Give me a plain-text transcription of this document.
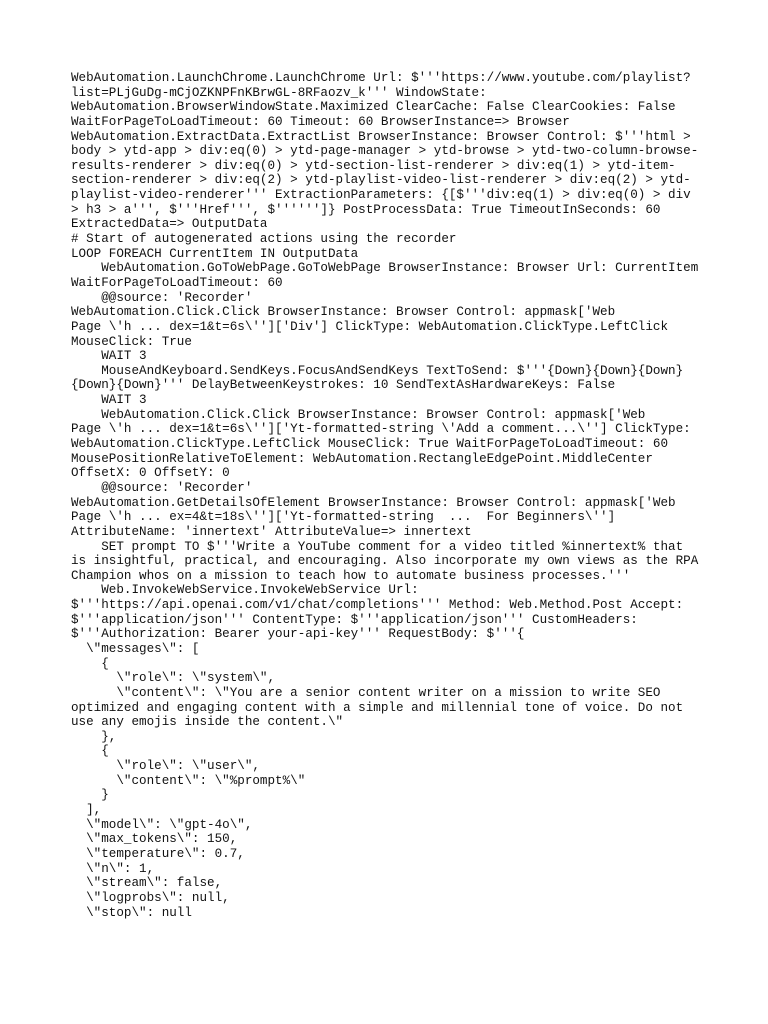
WebAutomation.LaunchChrome.LaunchChrome Url: $'''https://www.youtube.com/playlist?
list=PLjGuDg-mCjOZKNPFnKBrwGL-8RFaozv_k''' WindowState:
WebAutomation.BrowserWindowState.Maximized ClearCache: False ClearCookies: False
WaitForPageToLoadTimeout: 60 Timeout: 60 BrowserInstance=> Browser
WebAutomation.ExtractData.ExtractList BrowserInstance: Browser Control: $'''html >
body > ytd-app > div:eq(0) > ytd-page-manager > ytd-browse > ytd-two-column-browse-
results-renderer > div:eq(0) > ytd-section-list-renderer > div:eq(1) > ytd-item-
section-renderer > div:eq(2) > ytd-playlist-video-list-renderer > div:eq(2) > ytd-
playlist-video-renderer''' ExtractionParameters: {[$'''div:eq(1) > div:eq(0) > div
> h3 > a''', $'''Href''', $'''''']} PostProcessData: True TimeoutInSeconds: 60
ExtractedData=> OutputData
# Start of autogenerated actions using the recorder
LOOP FOREACH CurrentItem IN OutputData
WebAutomation.GoToWebPage.GoToWebPage BrowserInstance: Browser Url: CurrentItem
WaitForPageToLoadTimeout: 60
@@source: 'Recorder'
WebAutomation.Click.Click BrowserInstance: Browser Control: appmask['Web
Page \'h ... dex=1&t=6s\'']['Div'] ClickType: WebAutomation.ClickType.LeftClick
MouseClick: True
WAIT 3
MouseAndKeyboard.SendKeys.FocusAndSendKeys TextToSend: $'''{Down}{Down}{Down}
{Down}{Down}''' DelayBetweenKeystrokes: 10 SendTextAsHardwareKeys: False
WAIT 3
WebAutomation.Click.Click BrowserInstance: Browser Control: appmask['Web
Page \'h ... dex=1&t=6s\'']['Yt-formatted-string \'Add a comment...\''] ClickType:
WebAutomation.ClickType.LeftClick MouseClick: True WaitForPageToLoadTimeout: 60
MousePositionRelativeToElement: WebAutomation.RectangleEdgePoint.MiddleCenter
OffsetX: 0 OffsetY: 0
@@source: 'Recorder'
WebAutomation.GetDetailsOfElement BrowserInstance: Browser Control: appmask['Web
Page \'h ... ex=4&t=18s\'']['Yt-formatted-string  ...  For Beginners\'']
AttributeName: 'innertext' AttributeValue=> innertext
SET prompt TO $'''Write a YouTube comment for a video titled %innertext% that
is insightful, practical, and encouraging. Also incorporate my own views as the RPA
Champion whos on a mission to teach how to automate business processes.'''
Web.InvokeWebService.InvokeWebService Url:
$'''https://api.openai.com/v1/chat/completions''' Method: Web.Method.Post Accept:
$'''application/json''' ContentType: $'''application/json''' CustomHeaders:
$'''Authorization: Bearer your-api-key''' RequestBody: $'''{
\"messages\": [
{
\"role\": \"system\",
\"content\": \"You are a senior content writer on a mission to write SEO
optimized and engaging content with a simple and millennial tone of voice. Do not
use any emojis inside the content.\"
},
{
\"role\": \"user\",
\"content\": \"%prompt%\"
}
],
\"model\": \"gpt-4o\",
\"max_tokens\": 150,
\"temperature\": 0.7,
\"n\": 1,
\"stream\": false,
\"logprobs\": null,
\"stop\": null
